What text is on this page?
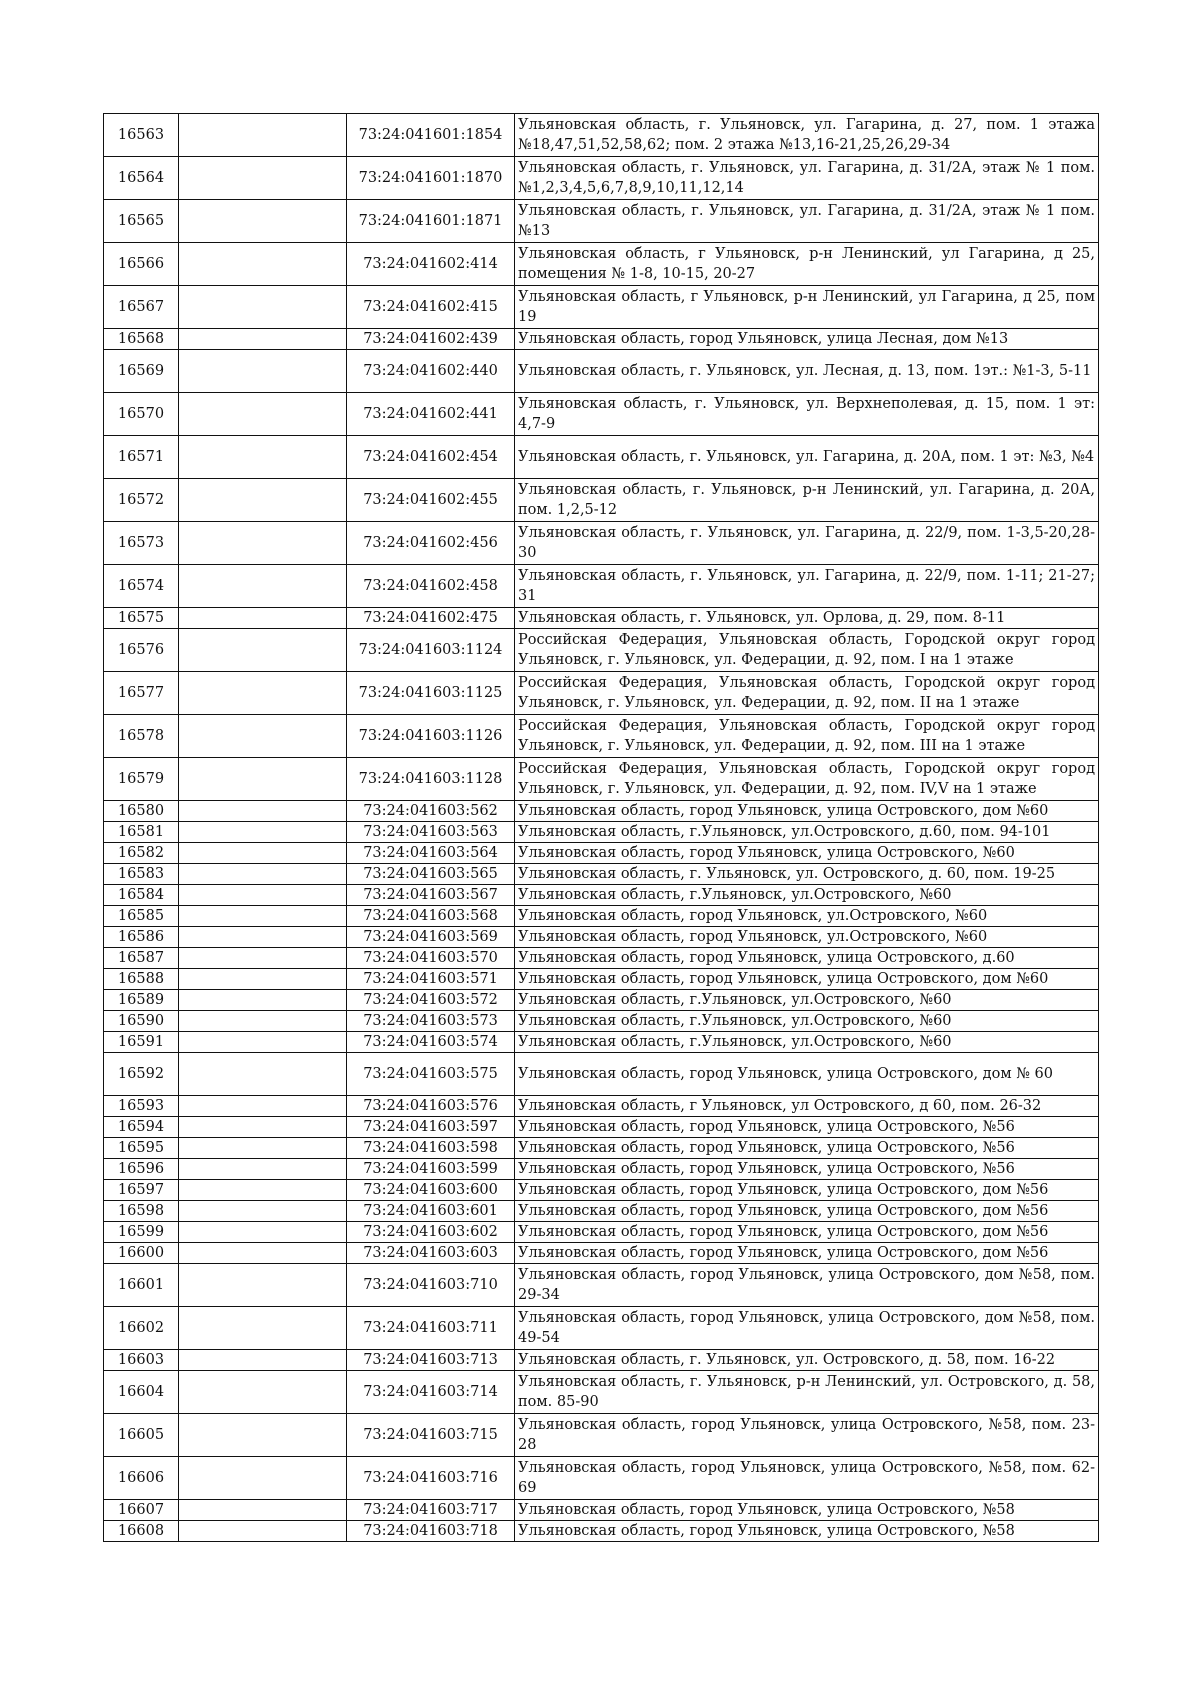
16563		73:24:041601:1854	Ульяновская область, г. Ульяновск, ул. Гагарина, д. 27, пом. 1 этажа №18,47,51,52,58,62; пом. 2 этажа №13,16-21,25,26,29-34
16564		73:24:041601:1870	Ульяновская область, г. Ульяновск, ул. Гагарина, д. 31/2А, этаж № 1 пом. №1,2,3,4,5,6,7,8,9,10,11,12,14
16565		73:24:041601:1871	Ульяновская область, г. Ульяновск, ул. Гагарина, д. 31/2А, этаж № 1 пом. №13
16566		73:24:041602:414	Ульяновская область, г Ульяновск, р-н Ленинский, ул Гагарина, д 25, помещения № 1-8, 10-15, 20-27
16567		73:24:041602:415	Ульяновская область, г Ульяновск, р-н Ленинский, ул Гагарина, д 25, пом 19
16568		73:24:041602:439	Ульяновская область, город Ульяновск, улица Лесная, дом №13
16569		73:24:041602:440	Ульяновская область, г. Ульяновск, ул. Лесная, д. 13, пом. 1эт.: №1-3, 5-11
16570		73:24:041602:441	Ульяновская область, г. Ульяновск, ул. Верхнеполевая, д. 15, пом. 1 эт: 4,7-9
16571		73:24:041602:454	Ульяновская область, г. Ульяновск, ул. Гагарина, д. 20А, пом. 1 эт: №3, №4
16572		73:24:041602:455	Ульяновская область, г. Ульяновск, р-н Ленинский, ул. Гагарина, д. 20А, пом. 1,2,5-12
16573		73:24:041602:456	Ульяновская область, г. Ульяновск, ул. Гагарина, д. 22/9, пом. 1-3,5-20,28-30
16574		73:24:041602:458	Ульяновская область, г. Ульяновск, ул. Гагарина, д. 22/9, пом. 1-11; 21-27; 31
16575		73:24:041602:475	Ульяновская область, г. Ульяновск, ул. Орлова, д. 29, пом. 8-11
16576		73:24:041603:1124	Российская Федерация, Ульяновская область, Городской округ город Ульяновск, г. Ульяновск, ул. Федерации, д. 92, пом. I на 1 этаже
16577		73:24:041603:1125	Российская Федерация, Ульяновская область, Городской округ город Ульяновск, г. Ульяновск, ул. Федерации, д. 92, пом. II на 1 этаже
16578		73:24:041603:1126	Российская Федерация, Ульяновская область, Городской округ город Ульяновск, г. Ульяновск, ул. Федерации, д. 92, пом. III на 1 этаже
16579		73:24:041603:1128	Российская Федерация, Ульяновская область, Городской округ город Ульяновск, г. Ульяновск, ул. Федерации, д. 92, пом. IV,V на 1 этаже
16580		73:24:041603:562	Ульяновская область, город Ульяновск, улица Островского, дом №60
16581		73:24:041603:563	Ульяновская область, г.Ульяновск, ул.Островского, д.60, пом. 94-101
16582		73:24:041603:564	Ульяновская область, город Ульяновск, улица Островского, №60
16583		73:24:041603:565	Ульяновская область, г. Ульяновск, ул. Островского, д. 60, пом. 19-25
16584		73:24:041603:567	Ульяновская область, г.Ульяновск, ул.Островского, №60
16585		73:24:041603:568	Ульяновская область, город Ульяновск, ул.Островского, №60
16586		73:24:041603:569	Ульяновская область, город Ульяновск, ул.Островского, №60
16587		73:24:041603:570	Ульяновская область, город Ульяновск, улица Островского, д.60
16588		73:24:041603:571	Ульяновская область, город Ульяновск, улица Островского, дом №60
16589		73:24:041603:572	Ульяновская область, г.Ульяновск, ул.Островского, №60
16590		73:24:041603:573	Ульяновская область, г.Ульяновск, ул.Островского, №60
16591		73:24:041603:574	Ульяновская область, г.Ульяновск, ул.Островского, №60
16592		73:24:041603:575	Ульяновская область, город Ульяновск, улица Островского, дом № 60
16593		73:24:041603:576	Ульяновская область, г Ульяновск, ул Островского, д 60, пом. 26-32
16594		73:24:041603:597	Ульяновская область, город Ульяновск, улица Островского, №56
16595		73:24:041603:598	Ульяновская область, город Ульяновск, улица Островского, №56
16596		73:24:041603:599	Ульяновская область, город Ульяновск, улица Островского, №56
16597		73:24:041603:600	Ульяновская область, город Ульяновск, улица Островского, дом №56
16598		73:24:041603:601	Ульяновская область, город Ульяновск, улица Островского, дом №56
16599		73:24:041603:602	Ульяновская область, город Ульяновск, улица Островского, дом №56
16600		73:24:041603:603	Ульяновская область, город Ульяновск, улица Островского, дом №56
16601		73:24:041603:710	Ульяновская область, город Ульяновск, улица Островского, дом №58, пом. 29-34
16602		73:24:041603:711	Ульяновская область, город Ульяновск, улица Островского, дом №58, пом. 49-54
16603		73:24:041603:713	Ульяновская область, г. Ульяновск, ул. Островского, д. 58, пом. 16-22
16604		73:24:041603:714	Ульяновская область, г. Ульяновск, р-н Ленинский, ул. Островского, д. 58, пом. 85-90
16605		73:24:041603:715	Ульяновская область, город Ульяновск, улица Островского, №58, пом. 23-28
16606		73:24:041603:716	Ульяновская область, город Ульяновск, улица Островского, №58, пом. 62-69
16607		73:24:041603:717	Ульяновская область, город Ульяновск, улица Островского, №58
16608		73:24:041603:718	Ульяновская область, город Ульяновск, улица Островского, №58
